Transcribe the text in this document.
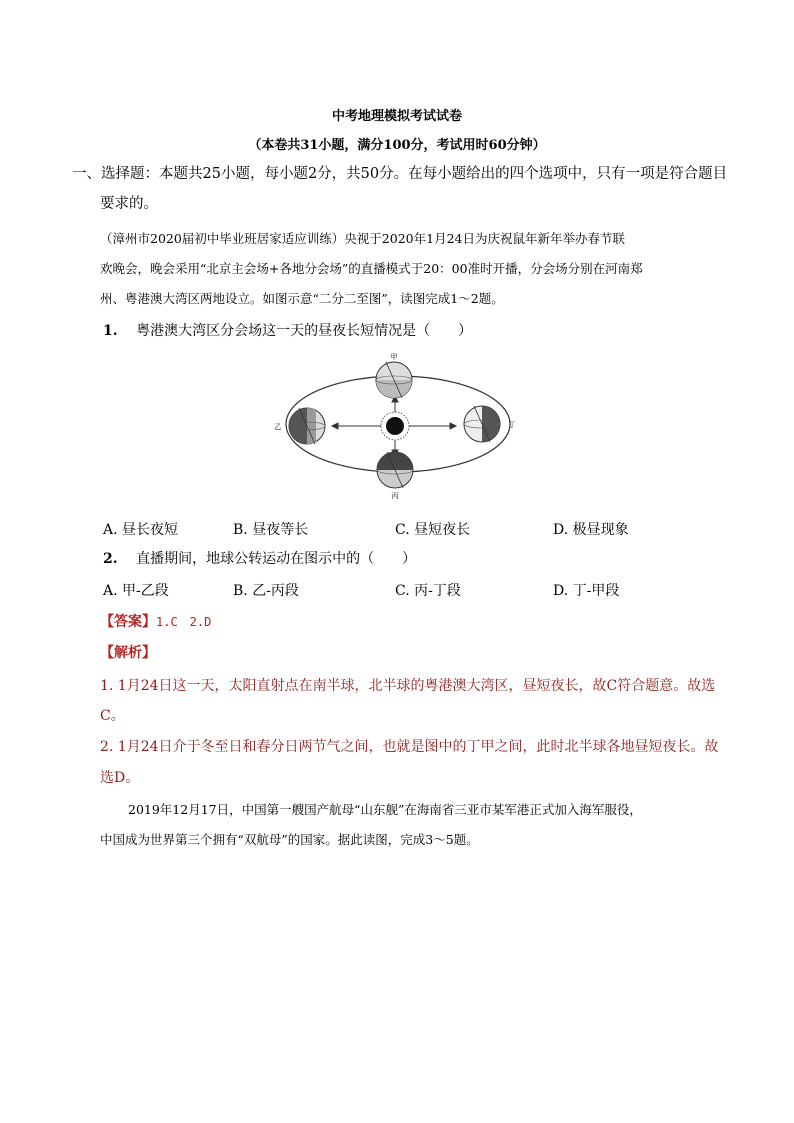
中考地理模拟考试试卷
（本卷共31小题，满分100分，考试用时60分钟）
一、选择题：本题共25小题，每小题2分，共50分。在每小题给出的四个选项中，只有一项是符合题目
要求的。
（漳州市2020届初中毕业班居家适应训练）央视于2020年1月24日为庆祝鼠年新年举办春节联
欢晚会，晚会采用“北京主会场+各地分会场”的直播模式于20：00准时开播，分会场分别在河南郑
州、粤港澳大湾区两地设立。如图示意“二分二至图”，读图完成1～2题。
1. 粤港澳大湾区分会场这一天的昼夜长短情况是（　　）
甲
乙
丙
丁
A. 昼长夜短	B. 昼夜等长	C. 昼短夜长	D. 极昼现象
2. 直播期间，地球公转运动在图示中的（　　）
A. 甲-乙段	B. 乙-丙段	C. 丙-丁段	D. 丁-甲段
【答案】1.C　2.D
【解析】
1. 1月24日这一天，太阳直射点在南半球，北半球的粤港澳大湾区，昼短夜长，故C符合题意。故选
C。
2. 1月24日介于冬至日和春分日两节气之间，也就是图中的丁甲之间，此时北半球各地昼短夜长。故
选D。
2019年12月17日，中国第一艘国产航母“山东舰”在海南省三亚市某军港正式加入海军服役，
中国成为世界第三个拥有“双航母”的国家。据此读图，完成3～5题。
